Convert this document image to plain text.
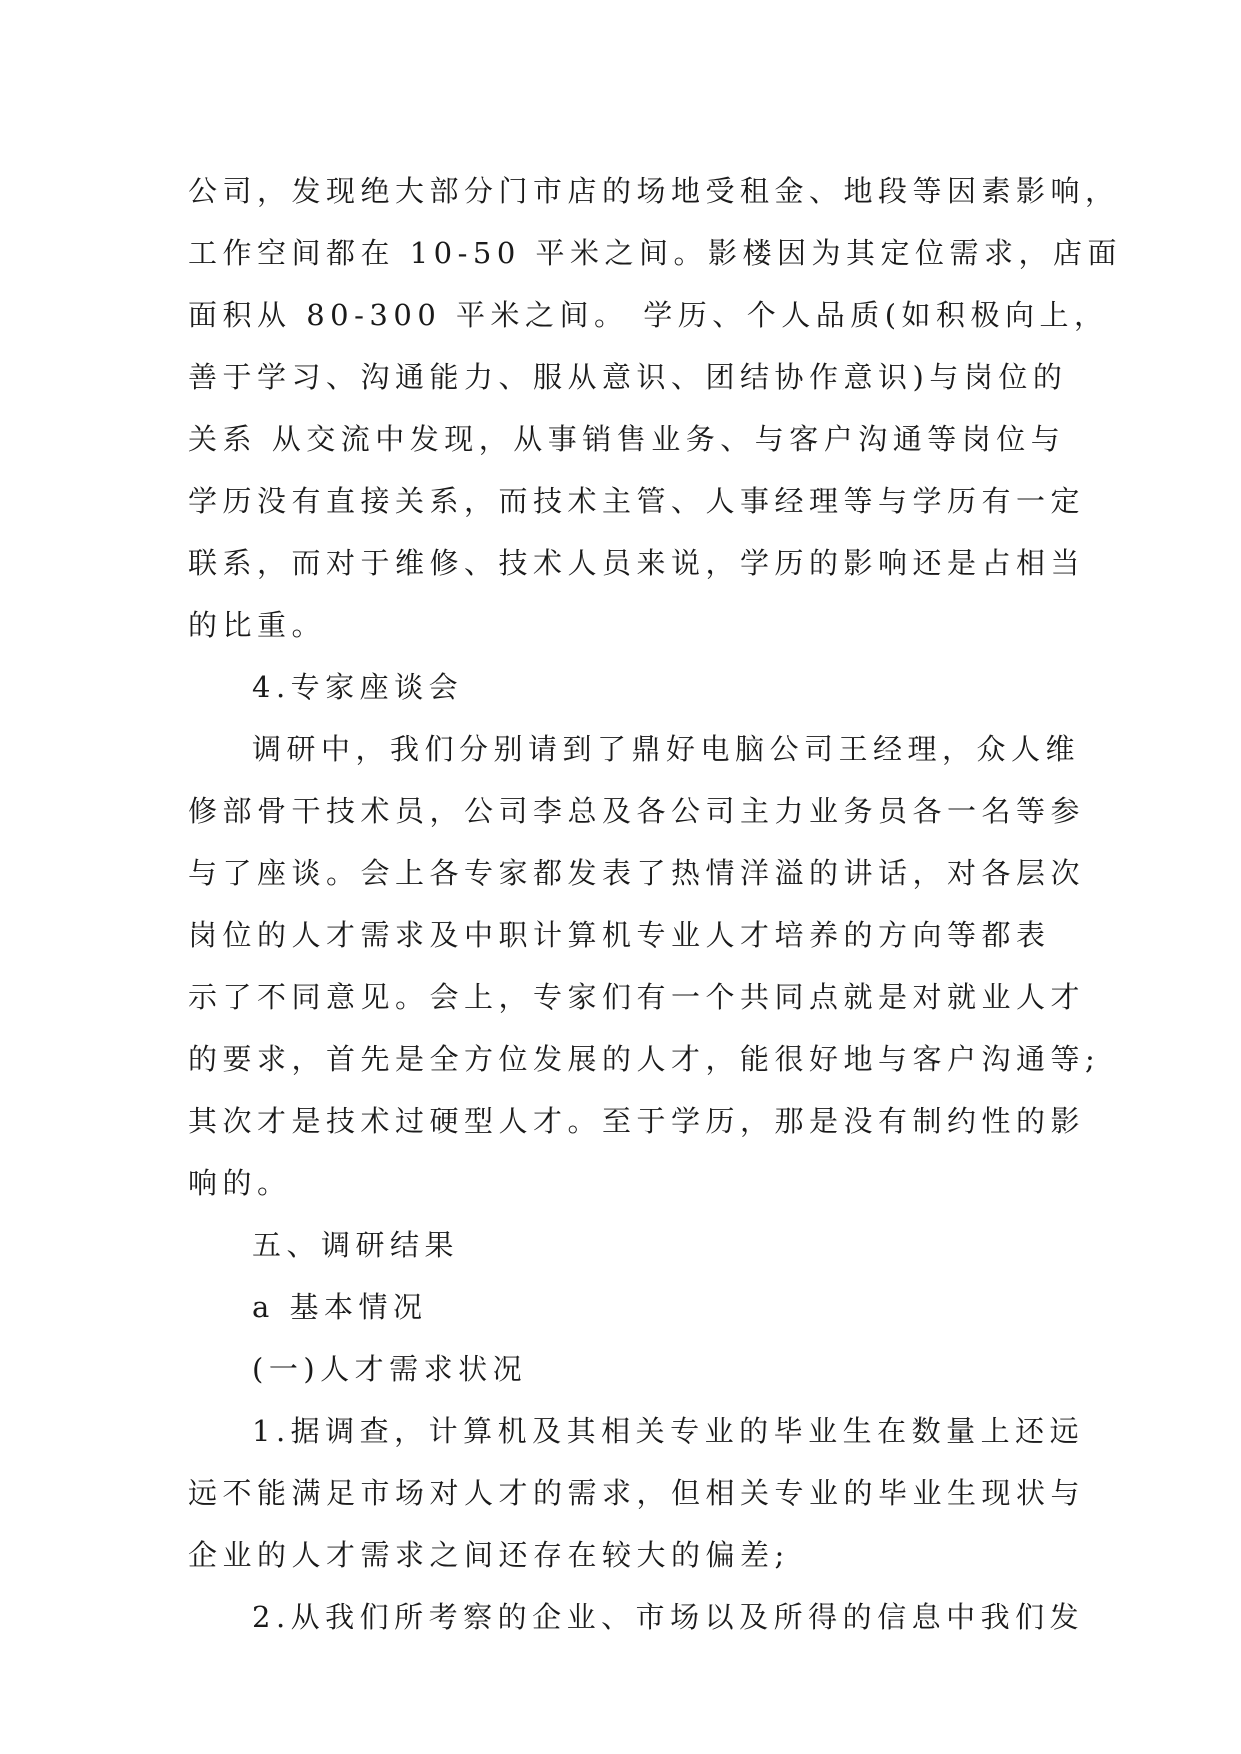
公司，发现绝大部分门市店的场地受租金、地段等因素影响，
工作空间都在 10-50 平米之间。影楼因为其定位需求，店面
面积从 80-300 平米之间。 学历、个人品质(如积极向上，
善于学习、沟通能力、服从意识、团结协作意识)与岗位的
关系 从交流中发现，从事销售业务、与客户沟通等岗位与
学历没有直接关系，而技术主管、人事经理等与学历有一定
联系，而对于维修、技术人员来说，学历的影响还是占相当
的比重。
4.专家座谈会
调研中，我们分别请到了鼎好电脑公司王经理，众人维
修部骨干技术员，公司李总及各公司主力业务员各一名等参
与了座谈。会上各专家都发表了热情洋溢的讲话，对各层次
岗位的人才需求及中职计算机专业人才培养的方向等都表
示了不同意见。会上，专家们有一个共同点就是对就业人才
的要求，首先是全方位发展的人才，能很好地与客户沟通等;
其次才是技术过硬型人才。至于学历，那是没有制约性的影
响的。
五、调研结果
a 基本情况
(一)人才需求状况
1.据调查，计算机及其相关专业的毕业生在数量上还远
远不能满足市场对人才的需求，但相关专业的毕业生现状与
企业的人才需求之间还存在较大的偏差;
2.从我们所考察的企业、市场以及所得的信息中我们发
